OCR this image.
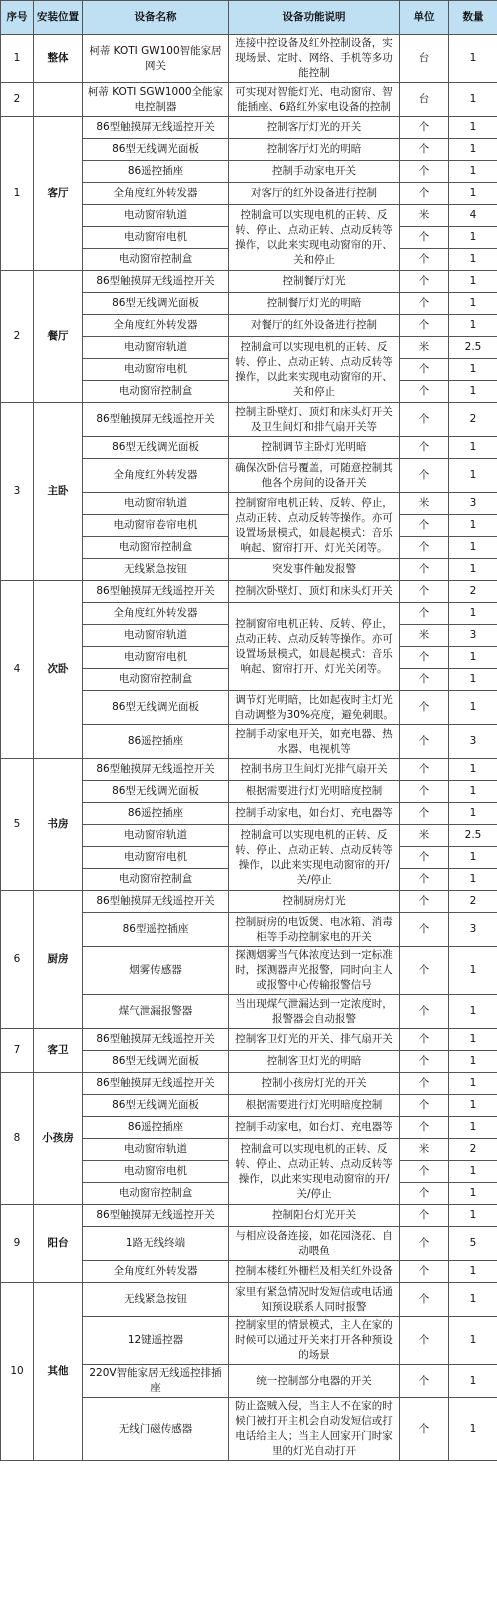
序号	安装位置	设备名称	设备功能说明	单位	数量
1	整体	柯蒂 KOTI GW100智能家居网关	连接中控设备及红外控制设备，实现场景、定时、网络、手机等多功能控制	台	1
2		柯蒂 KOTI SGW1000全能家电控制器	可实现对智能灯光、电动窗帘、智能插座、6路红外家电设备的控制	台	1
1	客厅	86型触摸屏无线遥控开关	控制客厅灯光的开关	个	1
		86型无线调光面板	控制客厅灯光的明暗	个	1
		86遥控插座	控制手动家电开关	个	1
		全角度红外转发器	对客厅的红外设备进行控制	个	1
		电动窗帘轨道	控制盒可以实现电机的正转、反转、停止、点动正转、点动反转等操作，以此来实现电动窗帘的开、关和停止	米	4
		电动窗帘电机		个	1
		电动窗帘控制盒		个	1
2	餐厅	86型触摸屏无线遥控开关	控制餐厅灯光	个	1
		86型无线调光面板	控制餐厅灯光的明暗	个	1
		全角度红外转发器	对餐厅的红外设备进行控制	个	1
		电动窗帘轨道	控制盒可以实现电机的正转、反转、停止、点动正转、点动反转等操作，以此来实现电动窗帘的开、关和停止	米	2.5
		电动窗帘电机		个	1
		电动窗帘控制盒		个	1
3	主卧	86型触摸屏无线遥控开关	控制主卧壁灯、顶灯和床头灯开关及卫生间灯和排气扇开关等	个	2
		86型无线调光面板	控制调节主卧灯光明暗	个	1
		全角度红外转发器	确保次卧信号覆盖，可随意控制其他各个房间的设备开关	个	1
		电动窗帘轨道	控制窗帘电机正转、反转、停止，点动正转、点动反转等操作。亦可设置场景模式，如晨起模式：音乐响起、窗帘打开、灯光关闭等。	米	3
		电动窗帘卷帘电机		个	1
		电动窗帘控制盒		个	1
		无线紧急按钮	突发事件触发报警	个	1
4	次卧	86型触摸屏无线遥控开关	控制次卧壁灯、顶灯和床头灯开关	个	2
		全角度红外转发器	控制窗帘电机正转、反转、停止，点动正转、点动反转等操作。亦可设置场景模式，如晨起模式：音乐响起、窗帘打开、灯光关闭等。	个	1
		电动窗帘轨道		米	3
		电动窗帘电机		个	1
		电动窗帘控制盒		个	1
		86型无线调光面板	调节灯光明暗，比如起夜时主灯光自动调整为30%亮度，避免刺眼。	个	1
		86遥控插座	控制手动家电开关，如充电器、热水器、电视机等	个	3
5	书房	86型触摸屏无线遥控开关	控制书房卫生间灯光排气扇开关	个	1
		86型无线调光面板	根据需要进行灯光明暗度控制	个	1
		86遥控插座	控制手动家电，如台灯、充电器等	个	1
		电动窗帘轨道	控制盒可以实现电机的正转、反转、停止、点动正转、点动反转等操作，以此来实现电动窗帘的开/关/停止	米	2.5
		电动窗帘电机		个	1
		电动窗帘控制盒		个	1
6	厨房	86型触摸屏无线遥控开关	控制厨房灯光	个	2
		86型遥控插座	控制厨房的电饭煲、电冰箱、消毒柜等手动控制家电的开关	个	3
		烟雾传感器	探测烟雾当气体浓度达到一定标准时，探测器声光报警，同时向主人或报警中心传输报警信号	个	1
		煤气泄漏报警器	当出现煤气泄漏达到一定浓度时，报警器会自动报警	个	1
7	客卫	86型触摸屏无线遥控开关	控制客卫灯光的开关、排气扇开关	个	1
		86型无线调光面板	控制客卫灯光的明暗	个	1
8	小孩房	86型触摸屏无线遥控开关	控制小孩房灯光的开关	个	1
		86型无线调光面板	根据需要进行灯光明暗度控制	个	1
		86遥控插座	控制手动家电，如台灯、充电器等	个	1
		电动窗帘轨道	控制盒可以实现电机的正转、反转、停止、点动正转、点动反转等操作，以此来实现电动窗帘的开/关/停止	米	2
		电动窗帘电机		个	1
		电动窗帘控制盒		个	1
9	阳台	86型触摸屏无线遥控开关	控制阳台灯光开关	个	1
		1路无线终端	与相应设备连接，如花园浇花、自动喂鱼	个	5
		全角度红外转发器	控制本楼红外栅栏及相关红外设备	个	1
10	其他	无线紧急按钮	家里有紧急情况时发短信或电话通知预设联系人同时报警	个	1
		12键遥控器	控制家里的情景模式，主人在家的时候可以通过开关来打开各种预设的场景	个	1
		220V智能家居无线遥控排插座	统一控制部分电器的开关	个	1
		无线门磁传感器	防止盗贼入侵，当主人不在家的时候门被打开主机会自动发短信或打电话给主人；当主人回家开门时家里的灯光自动打开	个	1
